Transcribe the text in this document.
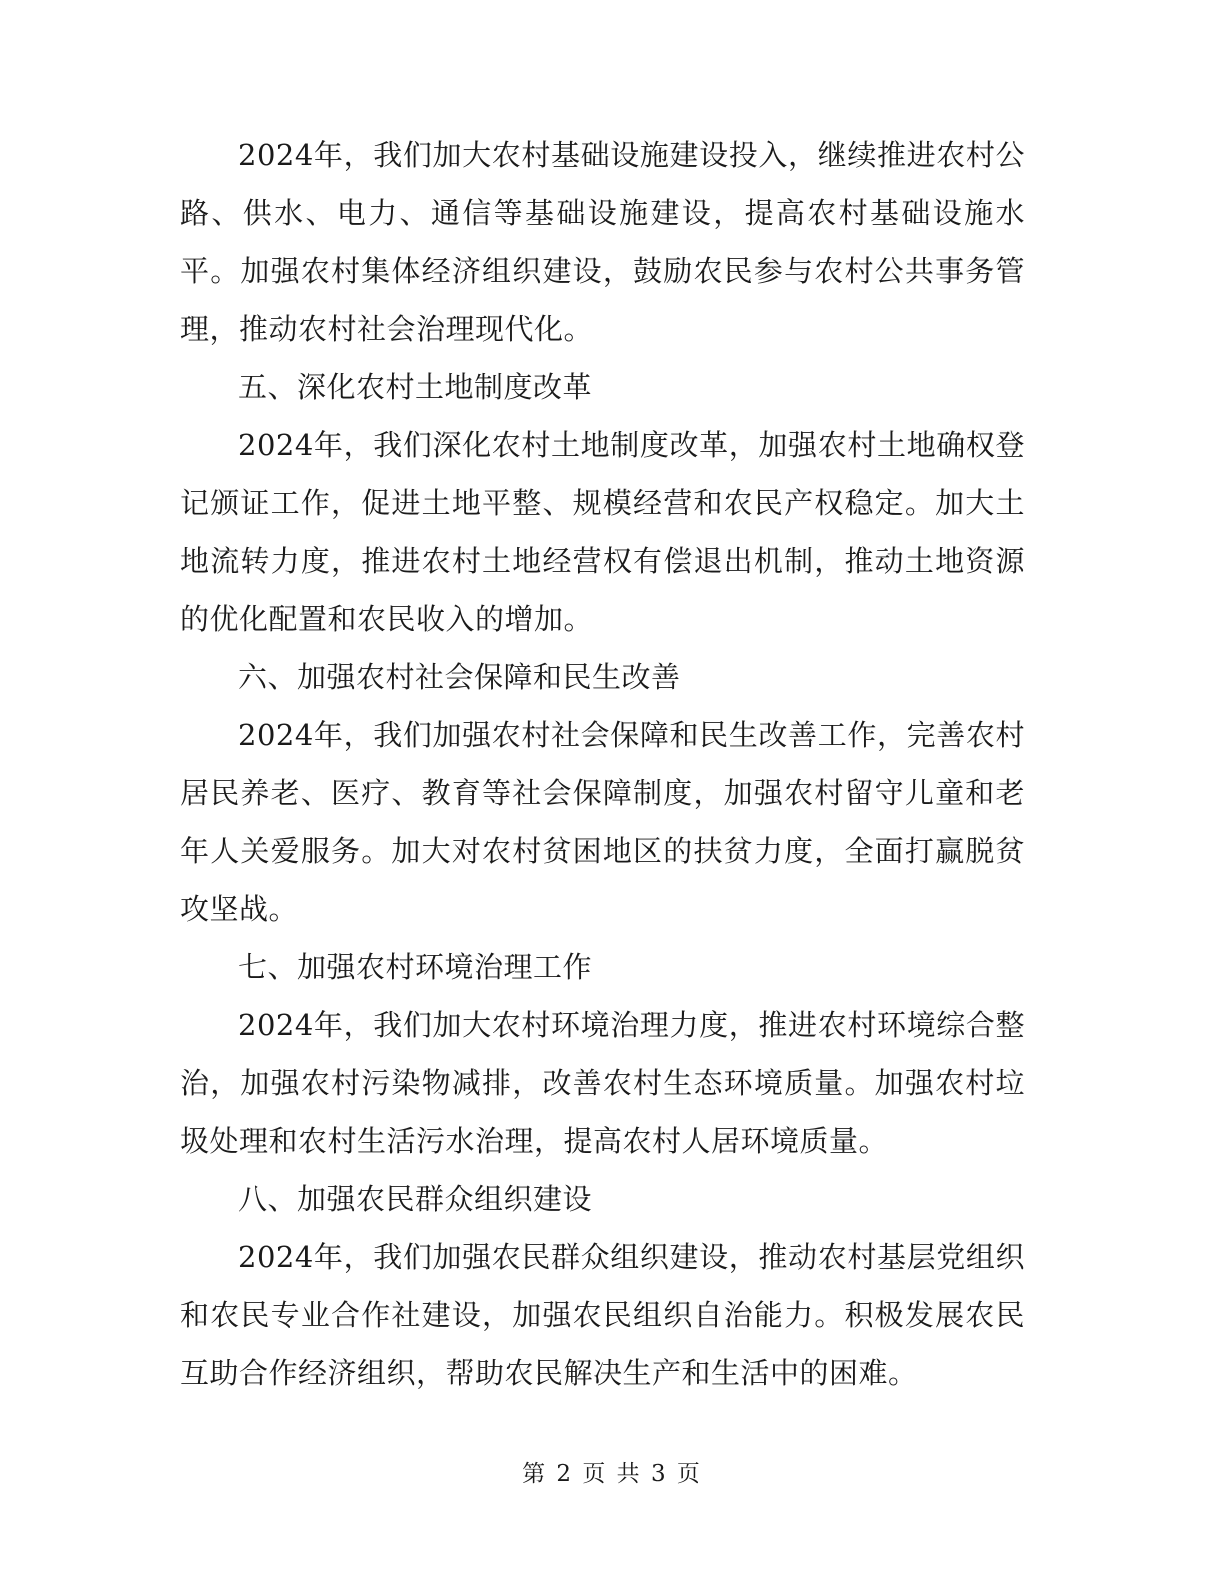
2024年，我们加大农村基础设施建设投入，继续推进农村公路、供水、电力、通信等基础设施建设，提高农村基础设施水平。加强农村集体经济组织建设，鼓励农民参与农村公共事务管理，推动农村社会治理现代化。

五、深化农村土地制度改革

2024年，我们深化农村土地制度改革，加强农村土地确权登记颁证工作，促进土地平整、规模经营和农民产权稳定。加大土地流转力度，推进农村土地经营权有偿退出机制，推动土地资源的优化配置和农民收入的增加。

六、加强农村社会保障和民生改善

2024年，我们加强农村社会保障和民生改善工作，完善农村居民养老、医疗、教育等社会保障制度，加强农村留守儿童和老年人关爱服务。加大对农村贫困地区的扶贫力度，全面打赢脱贫攻坚战。

七、加强农村环境治理工作

2024年，我们加大农村环境治理力度，推进农村环境综合整治，加强农村污染物减排，改善农村生态环境质量。加强农村垃圾处理和农村生活污水治理，提高农村人居环境质量。

八、加强农民群众组织建设

2024年，我们加强农民群众组织建设，推动农村基层党组织和农民专业合作社建设，加强农民组织自治能力。积极发展农民互助合作经济组织，帮助农民解决生产和生活中的困难。

第 2 页 共 3 页
